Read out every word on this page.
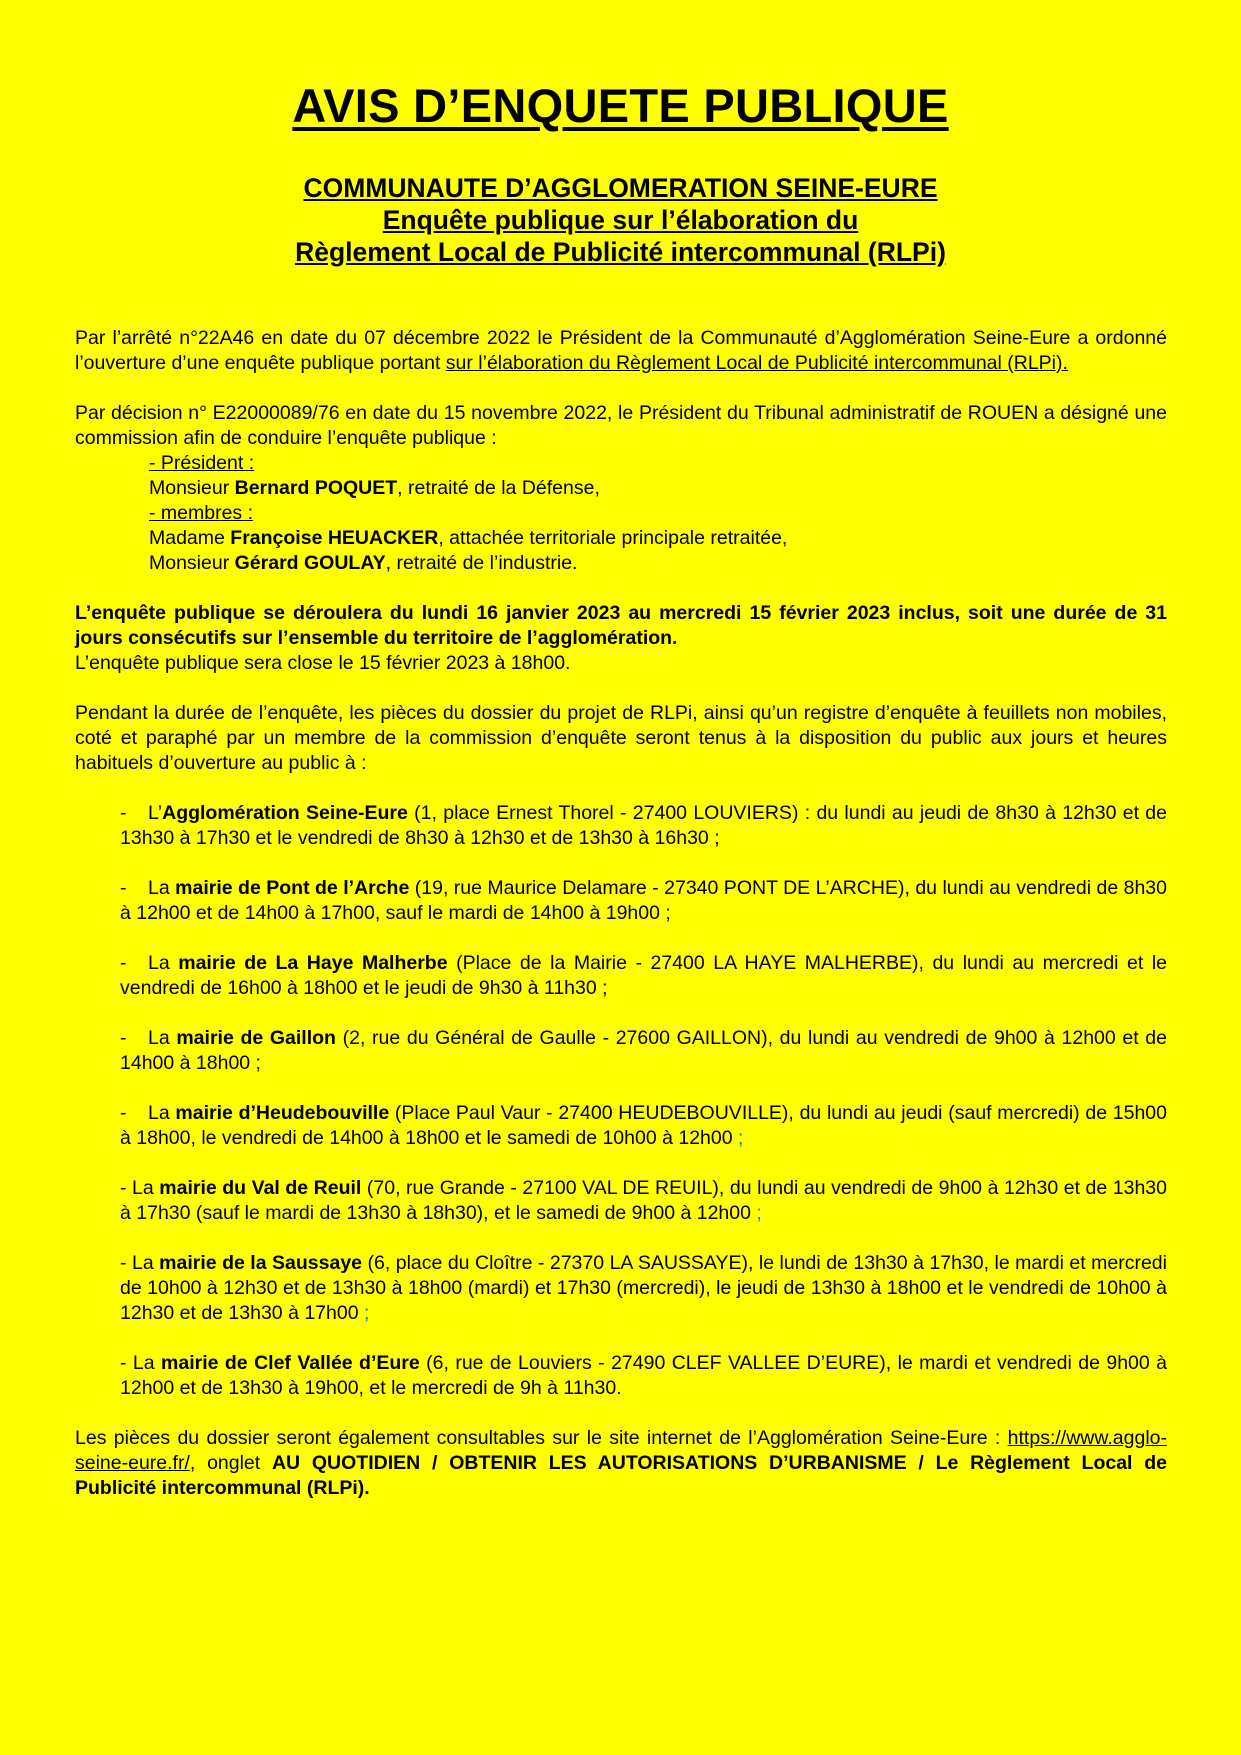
AVIS D’ENQUETE PUBLIQUE
COMMUNAUTE D’AGGLOMERATION SEINE-EURE
Enquête publique sur l’élaboration du
Règlement Local de Publicité intercommunal (RLPi)

Par l’arrêté n°22A46 en date du 07 décembre 2022 le Président de la Communauté d’Agglomération Seine-Eure a ordonné l’ouverture d’une enquête publique portant sur l’élaboration du Règlement Local de Publicité intercommunal (RLPi).

Par décision n° E22000089/76 en date du 15 novembre 2022, le Président du Tribunal administratif de ROUEN a désigné une commission afin de conduire l’enquête publique :
- Président :
Monsieur Bernard POQUET, retraité de la Défense,
- membres :
Madame Françoise HEUACKER, attachée territoriale principale retraitée,
Monsieur Gérard GOULAY, retraité de l’industrie.

L’enquête publique se déroulera du lundi 16 janvier 2023 au mercredi 15 février 2023 inclus, soit une durée de 31 jours consécutifs sur l’ensemble du territoire de l’agglomération.
L’enquête publique sera close le 15 février 2023 à 18h00.

Pendant la durée de l’enquête, les pièces du dossier du projet de RLPi, ainsi qu’un registre d’enquête à feuillets non mobiles, coté et paraphé par un membre de la commission d’enquête seront tenus à la disposition du public aux jours et heures habituels d’ouverture au public à :

- L’Agglomération Seine-Eure (1, place Ernest Thorel - 27400 LOUVIERS) : du lundi au jeudi de 8h30 à 12h30 et de 13h30 à 17h30 et le vendredi de 8h30 à 12h30 et de 13h30 à 16h30 ;
- La mairie de Pont de l’Arche (19, rue Maurice Delamare - 27340 PONT DE L’ARCHE), du lundi au vendredi de 8h30 à 12h00 et de 14h00 à 17h00, sauf le mardi de 14h00 à 19h00 ;
- La mairie de La Haye Malherbe (Place de la Mairie - 27400 LA HAYE MALHERBE), du lundi au mercredi et le vendredi de 16h00 à 18h00 et le jeudi de 9h30 à 11h30 ;
- La mairie de Gaillon (2, rue du Général de Gaulle - 27600 GAILLON), du lundi au vendredi de 9h00 à 12h00 et de 14h00 à 18h00 ;
- La mairie d’Heudebouville (Place Paul Vaur - 27400 HEUDEBOUVILLE), du lundi au jeudi (sauf mercredi) de 15h00 à 18h00, le vendredi de 14h00 à 18h00 et le samedi de 10h00 à 12h00 ;
- La mairie du Val de Reuil (70, rue Grande - 27100 VAL DE REUIL), du lundi au vendredi de 9h00 à 12h30 et de 13h30 à 17h30 (sauf le mardi de 13h30 à 18h30), et le samedi de 9h00 à 12h00 ;
- La mairie de la Saussaye (6, place du Cloître - 27370 LA SAUSSAYE), le lundi de 13h30 à 17h30, le mardi et mercredi de 10h00 à 12h30 et de 13h30 à 18h00 (mardi) et 17h30 (mercredi), le jeudi de 13h30 à 18h00 et le vendredi de 10h00 à 12h30 et de 13h30 à 17h00 ;
- La mairie de Clef Vallée d’Eure (6, rue de Louviers - 27490 CLEF VALLEE D’EURE), le mardi et vendredi de 9h00 à 12h00 et de 13h30 à 19h00, et le mercredi de 9h à 11h30.

Les pièces du dossier seront également consultables sur le site internet de l’Agglomération Seine-Eure : https://www.agglo-seine-eure.fr/, onglet AU QUOTIDIEN / OBTENIR LES AUTORISATIONS D’URBANISME / Le Règlement Local de Publicité intercommunal (RLPi).
